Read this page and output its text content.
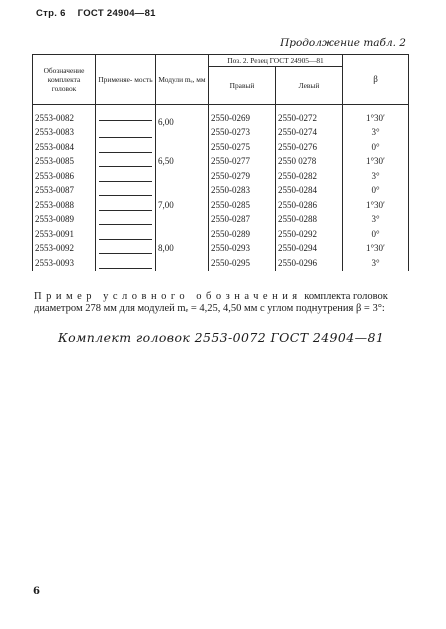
Стр. 6 ГОСТ 24904—81
Продолжение табл. 2
Обозначение комплекта головок	Применяе- мость	Модули mₑ, мм	Поз. 2. Резец ГОСТ 24905—81		β
			Правый	Левый	
2553-0082		6,00	2550-0269	2550-0272	1°30′
2553-0083			2550-0273	2550-0274	3°
2553-0084		6,50	2550-0275	2550-0276	0°
2553-0085			2550-0277	2550 0278	1°30′
2553-0086			2550-0279	2550-0282	3°
2553-0087		7,00	2550-0283	2550-0284	0°
2553-0088			2550-0285	2550-0286	1°30′
2553-0089			2550-0287	2550-0288	3°
2553-0091		8,00	2550-0289	2550-0292	0°
2553-0092			2550-0293	2550-0294	1°30′
2553-0093			2550-0295	2550-0296	3°
Пример условного обозначения комплекта головок диаметром 278 мм для модулей mₑ = 4,25, 4,50 мм с углом поднутрения β = 3°:
Комплект головок 2553-0072 ГОСТ 24904—81
6
